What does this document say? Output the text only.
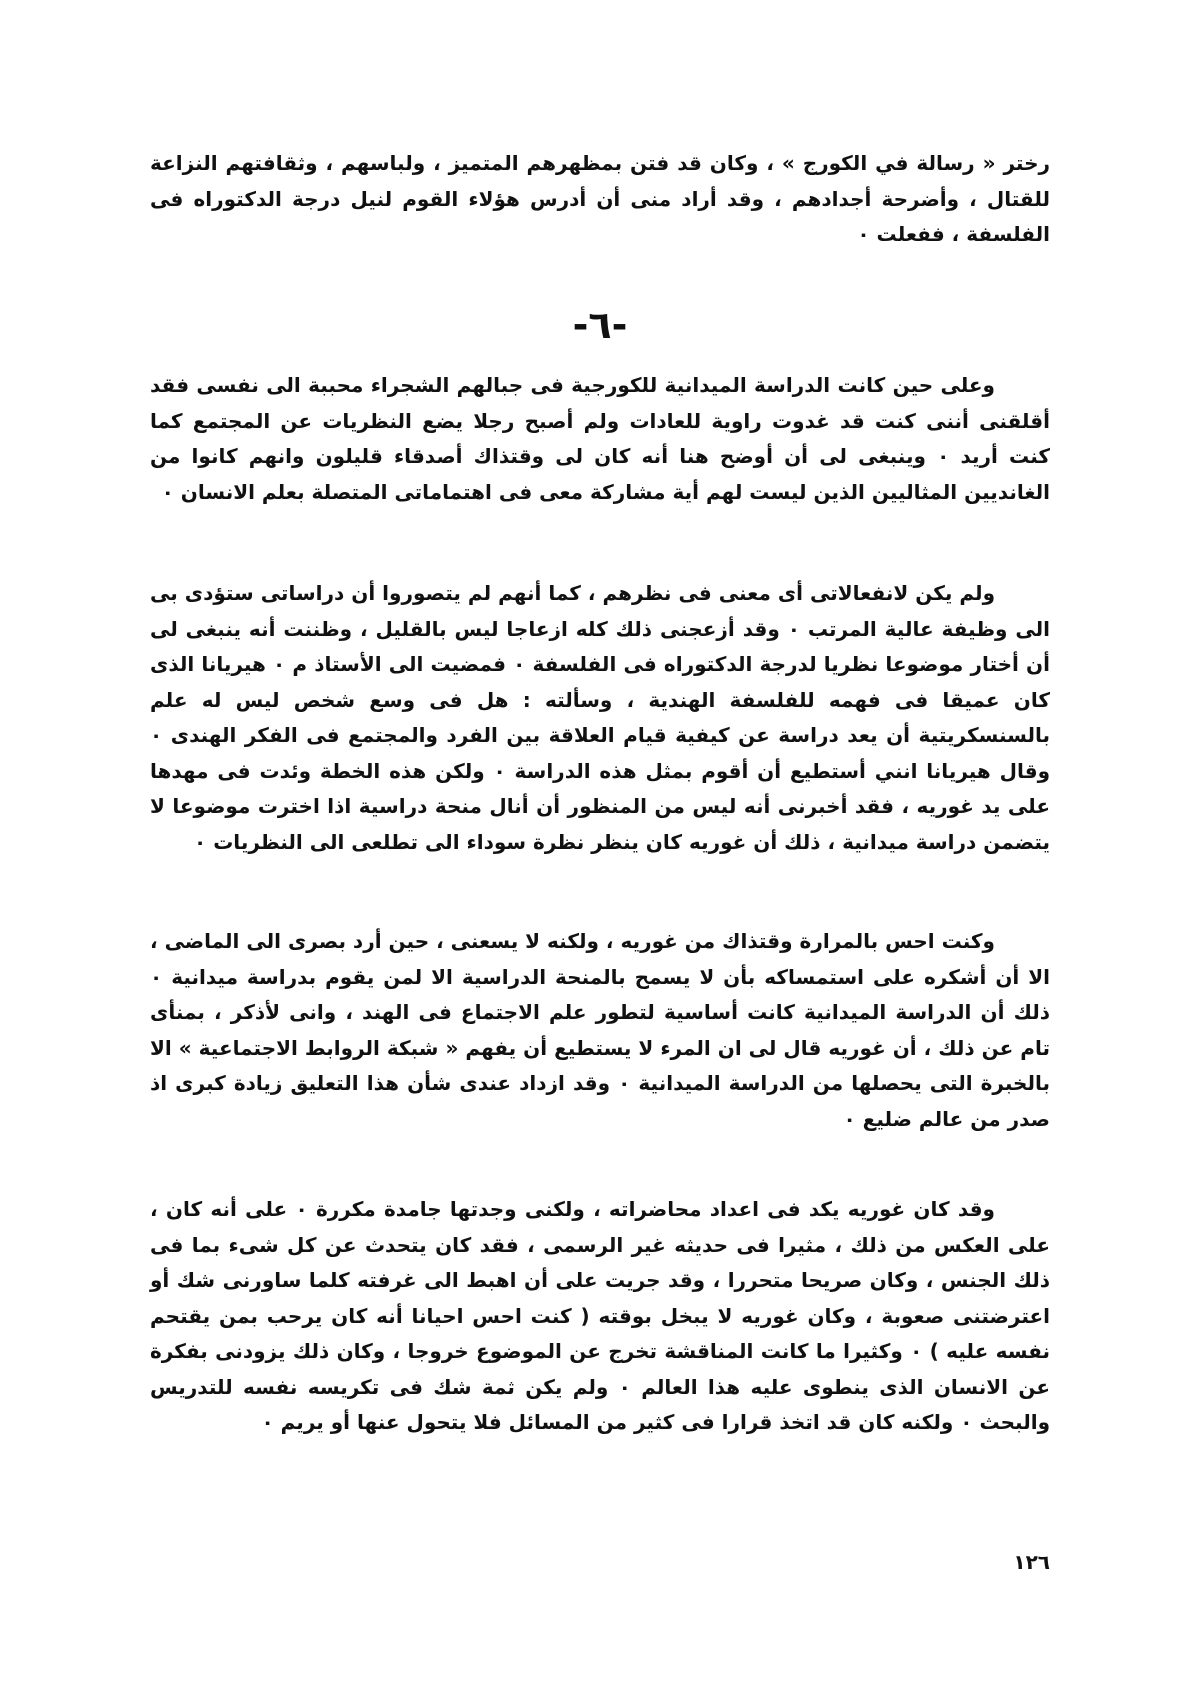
رختر « رسالة في الكورج » ، وكان قد فتن بمظهرهم المتميز ، ولباسهم ، وثقافتهم النزاعة للقتال ، وأضرحة أجدادهم ، وقد أراد منى أن أدرس هؤلاء القوم لنيل درجة الدكتوراه فى الفلسفة ، ففعلت ٠

-٦-

وعلى حين كانت الدراسة الميدانية للكورجية فى جبالهم الشجراء محببة الى نفسى فقد أقلقنى أننى كنت قد غدوت راوية للعادات ولم أصبح رجلا يضع النظريات عن المجتمع كما كنت أريد ٠ وينبغى لى أن أوضح هنا أنه كان لى وقتذاك أصدقاء قليلون وانهم كانوا من الغانديين المثاليين الذين ليست لهم أية مشاركة معى فى اهتماماتى المتصلة بعلم الانسان ٠

ولم يكن لانفعالاتى أى معنى فى نظرهم ، كما أنهم لم يتصوروا أن دراساتى ستؤدى بى الى وظيفة عالية المرتب ٠ وقد أزعجنى ذلك كله ازعاجا ليس بالقليل ، وظننت أنه ينبغى لى أن أختار موضوعا نظريا لدرجة الدكتوراه فى الفلسفة ٠ فمضيت الى الأستاذ م ٠ هيريانا الذى كان عميقا فى فهمه للفلسفة الهندية ، وسألته : هل فى وسع شخص ليس له علم بالسنسكريتية أن يعد دراسة عن كيفية قيام العلاقة بين الفرد والمجتمع فى الفكر الهندى ٠ وقال هيريانا انني أستطيع أن أقوم بمثل هذه الدراسة ٠ ولكن هذه الخطة وئدت فى مهدها على يد غوريه ، فقد أخبرنى أنه ليس من المنظور أن أنال منحة دراسية اذا اخترت موضوعا لا يتضمن دراسة ميدانية ، ذلك أن غوريه كان ينظر نظرة سوداء الى تطلعى الى النظريات ٠

وكنت احس بالمرارة وقتذاك من غوريه ، ولكنه لا يسعنى ، حين أرد بصرى الى الماضى ، الا أن أشكره على استمساكه بأن لا يسمح بالمنحة الدراسية الا لمن يقوم بدراسة ميدانية ٠ ذلك أن الدراسة الميدانية كانت أساسية لتطور علم الاجتماع فى الهند ، وانى لأذكر ، بمنأى تام عن ذلك ، أن غوريه قال لى ان المرء لا يستطيع أن يفهم « شبكة الروابط الاجتماعية » الا بالخبرة التى يحصلها من الدراسة الميدانية ٠ وقد ازداد عندى شأن هذا التعليق زيادة كبرى اذ صدر من عالم ضليع ٠

وقد كان غوريه يكد فى اعداد محاضراته ، ولكنى وجدتها جامدة مكررة ٠ على أنه كان ، على العكس من ذلك ، مثيرا فى حديثه غير الرسمى ، فقد كان يتحدث عن كل شىء بما فى ذلك الجنس ، وكان صريحا متحررا ، وقد جريت على أن اهبط الى غرفته كلما ساورنى شك أو اعترضتنى صعوبة ، وكان غوريه لا يبخل بوقته ( كنت احس احيانا أنه كان يرحب بمن يقتحم نفسه عليه ) ٠ وكثيرا ما كانت المناقشة تخرج عن الموضوع خروجا ، وكان ذلك يزودنى بفكرة عن الانسان الذى ينطوى عليه هذا العالم ٠ ولم يكن ثمة شك فى تكريسه نفسه للتدريس والبحث ٠ ولكنه كان قد اتخذ قرارا فى كثير من المسائل فلا يتحول عنها أو يريم ٠

١٢٦
